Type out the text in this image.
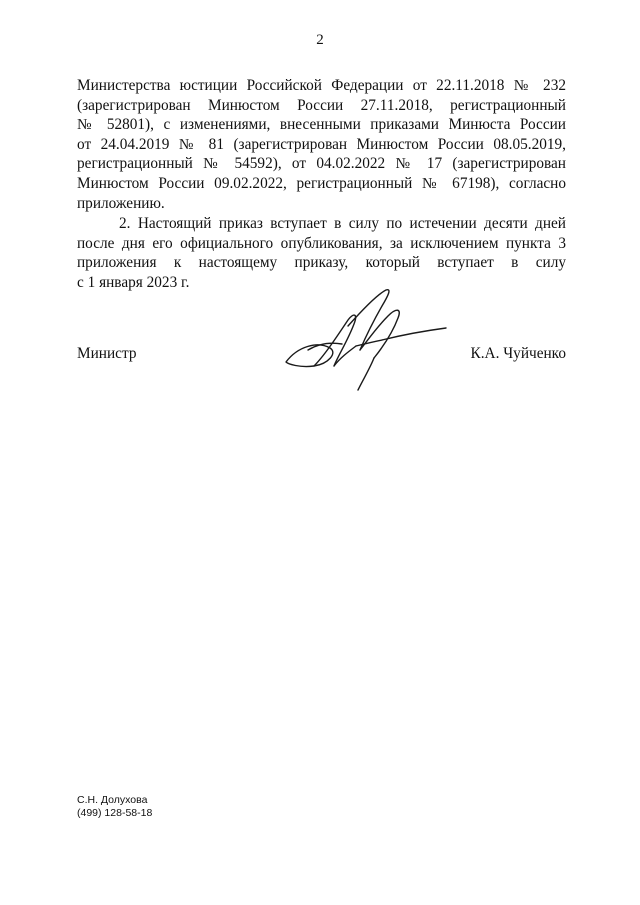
2
Министерства юстиции Российской Федерации от 22.11.2018 № 232
(зарегистрирован Минюстом России 27.11.2018, регистрационный
№ 52801), с изменениями, внесенными приказами Минюста России
от 24.04.2019 № 81 (зарегистрирован Минюстом России 08.05.2019,
регистрационный № 54592), от 04.02.2022 № 17 (зарегистрирован
Минюстом России 09.02.2022, регистрационный № 67198), согласно
приложению.
2. Настоящий приказ вступает в силу по истечении десяти дней
после дня его официального опубликования, за исключением пункта 3
приложения к настоящему приказу, который вступает в силу
с 1 января 2023 г.
Министр	К.А. Чуйченко
С.Н. Долухова
(499) 128-58-18
